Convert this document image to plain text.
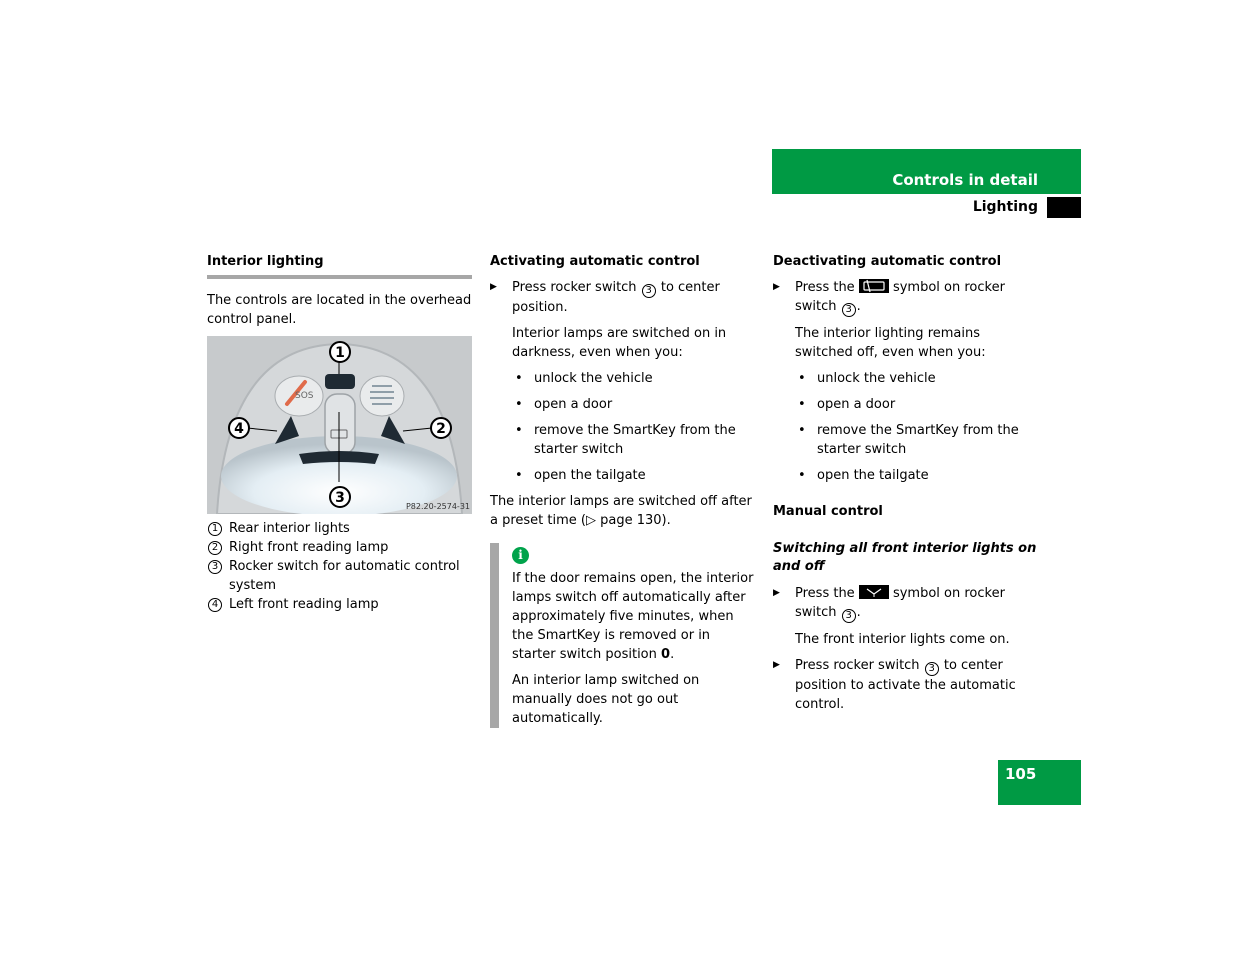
Controls in detail
Lighting
Interior lighting

The controls are located in the overhead control panel.

SOS
1
2
3
4
P82.20-2574-31
1 Rear interior lights
2 Right front reading lamp
3 Rocker switch for automatic control system
4 Left front reading lamp
Activating automatic control
▶ Press rocker switch 3 to center position.

Interior lamps are switched on in darkness, even when you:

• unlock the vehicle
• open a door
• remove the SmartKey from the starter switch
• open the tailgate

The interior lamps are switched off after a preset time (▷ page 130).

i

If the door remains open, the interior lamps switch off automatically after approximately five minutes, when the SmartKey is removed or in starter switch position 0.

An interior lamp switched on manually does not go out automatically.

Deactivating automatic control
▶ Press the	symbol on rocker switch 3 .

The interior lighting remains switched off, even when you:

• unlock the vehicle
• open a door
• remove the SmartKey from the starter switch
• open the tailgate
Manual control
Switching all front interior lights on and off
▶ Press the	symbol on rocker switch 3 .

The front interior lights come on.

▶ Press rocker switch 3 to center position to activate the automatic control.
105
